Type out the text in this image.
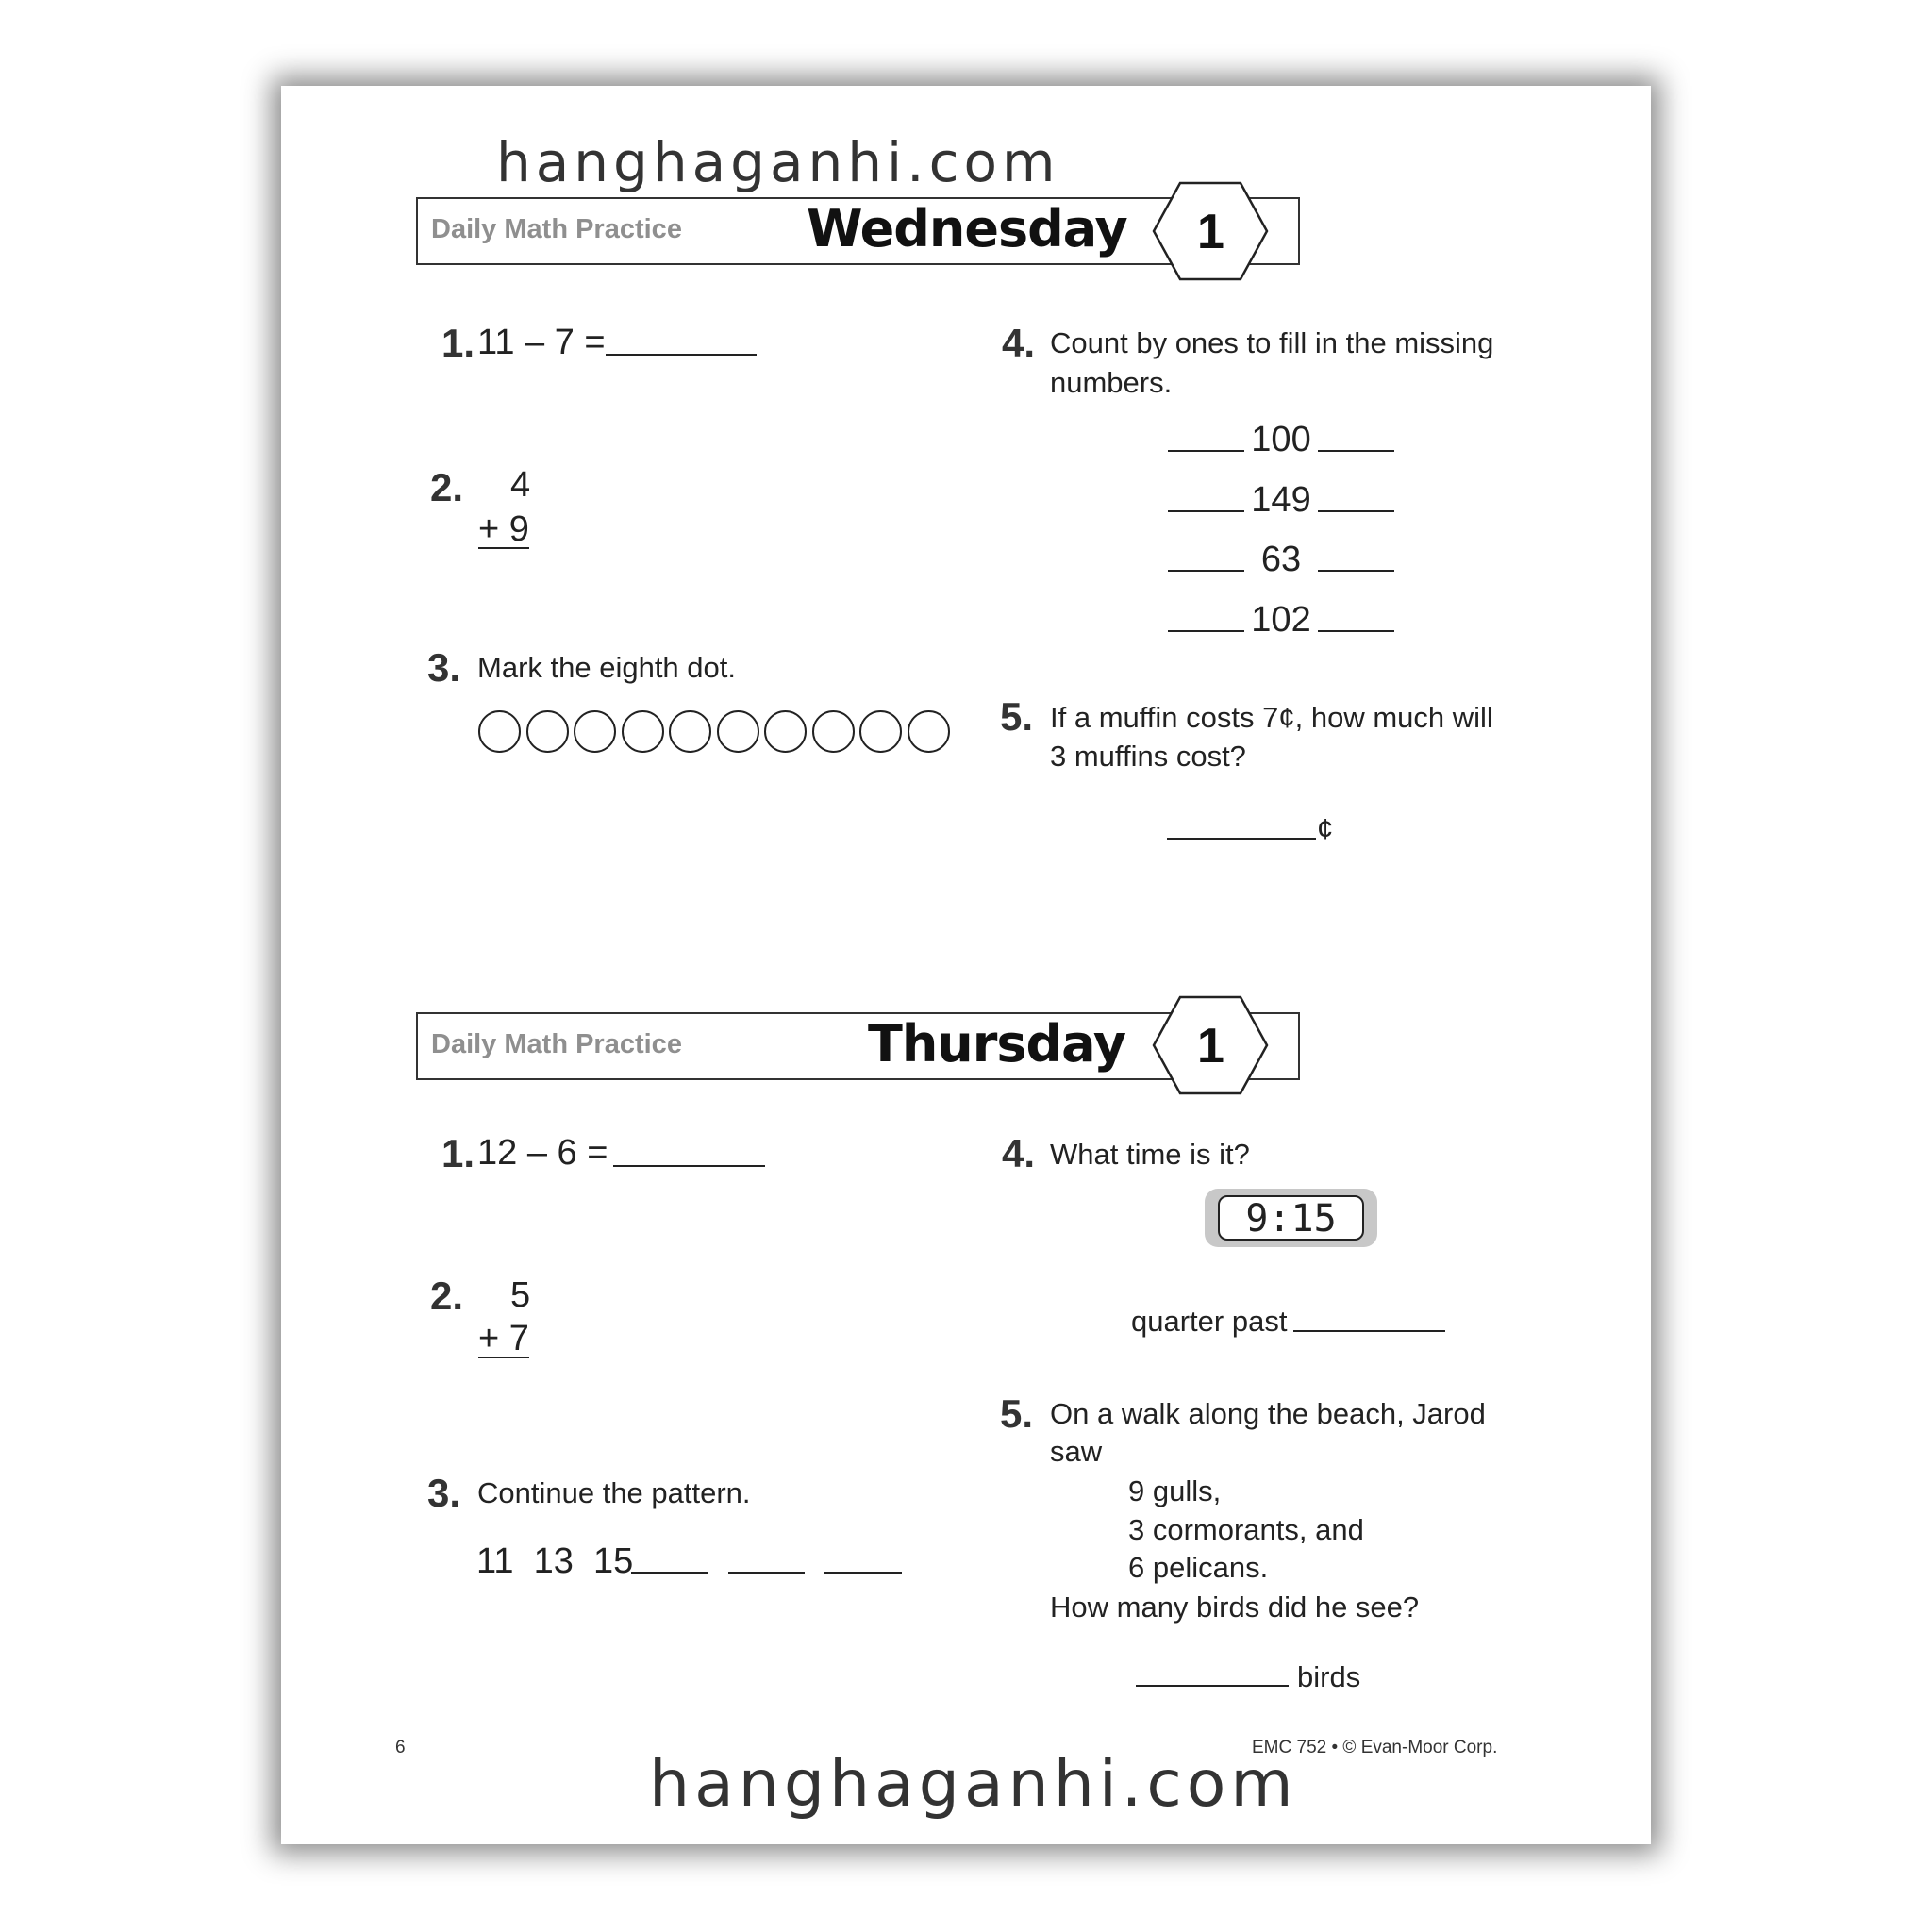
hanghaganhi.com
Daily Math Practice Wednesday 1
1. 11 – 7 =
2. 4
+ 9
3. Mark the eighth dot.
4. Count by ones to fill in the missing
numbers.
100
149
63
102
5. If a muffin costs 7¢, how much will
3 muffins cost?
¢
Daily Math Practice	Thursday 1
1. 12 – 6 =
2. 5
+ 7
3. Continue the pattern.
11  13  15
4. What time is it?
9:15
quarter past
5. On a walk along the beach, Jarod
saw
9 gulls,
3 cormorants, and
6 pelicans.
How many birds did he see?
birds
6	EMC 752 • © Evan-Moor Corp.
hanghaganhi.com
